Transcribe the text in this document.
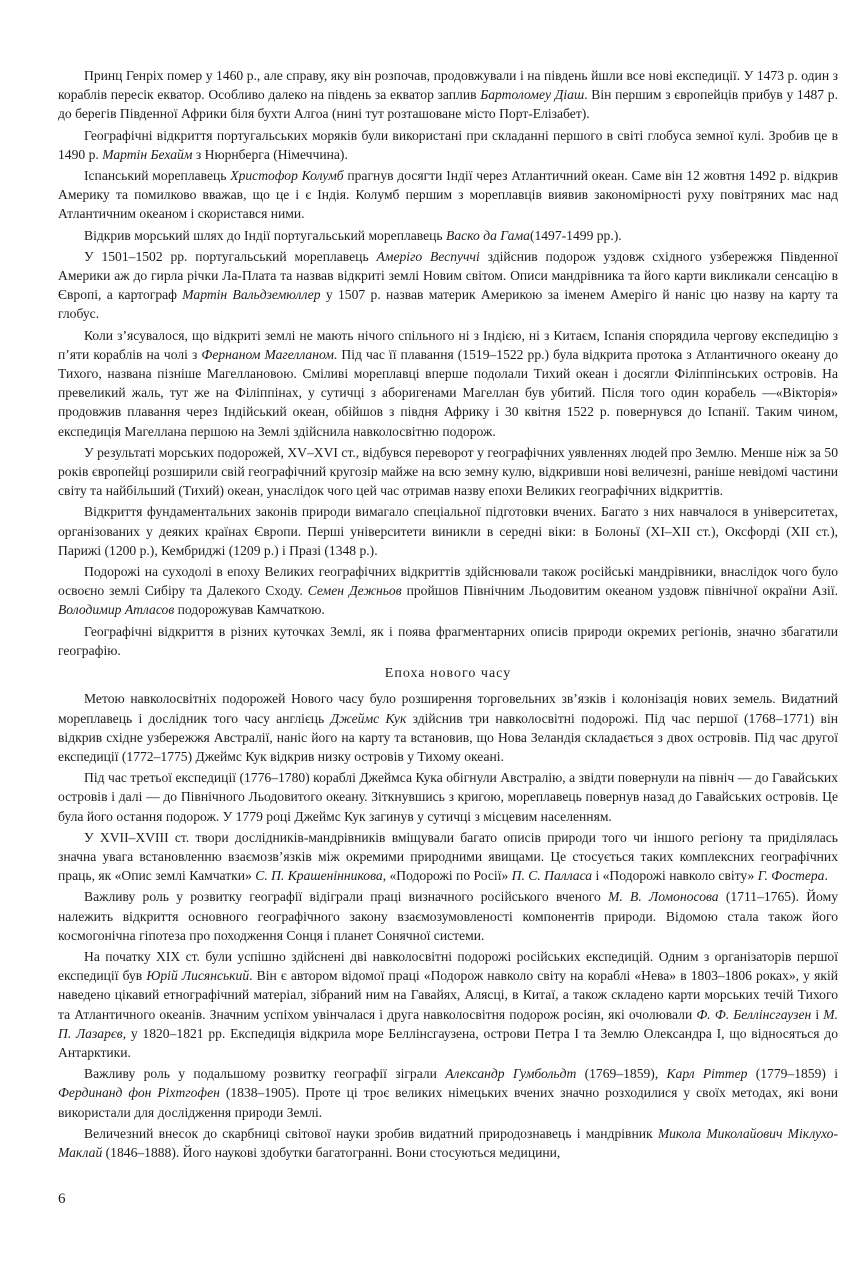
Принц Генріх помер у 1460 р., але справу, яку він розпочав, продовжували і на південь йшли все нові експедиції. У 1473 р. один з кораблів пересік екватор. Особливо далеко на південь за екватор заплив Бартоломеу Діаш. Він першим з європейців прибув у 1487 р. до берегів Південної Африки біля бухти Алгоа (нині тут розташоване місто Порт-Елізабет).

Географічні відкриття португальських моряків були використані при складанні першого в світі глобуса земної кулі. Зробив це в 1490 р. Мартін Бехайм з Нюрнберга (Німеччина).

Іспанський мореплавець Христофор Колумб прагнув досягти Індії через Атлантичний океан. Саме він 12 жовтня 1492 р. відкрив Америку та помилково вважав, що це і є Індія. Колумб першим з мореплавців виявив закономірності руху повітряних мас над Атлантичним океаном і скористався ними.

Відкрив морський шлях до Індії португальський мореплавець Васко да Гама(1497-1499 рр.).

У 1501–1502 рр. португальський мореплавець Амеріго Веспуччі здійснив подорож уздовж східного узбережжя Південної Америки аж до гирла річки Ла-Плата та назвав відкриті землі Новим світом. Описи мандрівника та його карти викликали сенсацію в Європі, а картограф Мартін Вальдземюллер у 1507 р. назвав материк Америкою за іменем Амеріго й наніс цю назву на карту та глобус.

Коли з’ясувалося, що відкриті землі не мають нічого спільного ні з Індією, ні з Китаєм, Іспанія спорядила чергову експедицію з п’яти кораблів на чолі з Фернаном Магелланом. Під час її плавання (1519–1522 рр.) була відкрита протока з Атлантичного океану до Тихого, названа пізніше Магеллановою. Сміливі мореплавці вперше подолали Тихий океан і досягли Філіппінських островів. На превеликий жаль, тут же на Філіппінах, у сутичці з аборигенами Магеллан був убитий. Після того один корабель —«Вікторія» продовжив плавання через Індійський океан, обійшов з півдня Африку і 30 квітня 1522 р. повернувся до Іспанії. Таким чином, експедиція Магеллана першою на Землі здійснила навколосвітню подорож.

У результаті морських подорожей, XV–XVI ст., відбувся переворот у географічних уявленнях людей про Землю. Менше ніж за 50 років європейці розширили свій географічний кругозір майже на всю земну кулю, відкривши нові величезні, раніше невідомі частини світу та найбільший (Тихий) океан, унаслідок чого цей час отримав назву епохи Великих географічних відкриттів.

Відкриття фундаментальних законів природи вимагало спеціальної підготовки вчених. Багато з них навчалося в університетах, організованих у деяких країнах Європи. Перші університети виникли в середні віки: в Болоньї (XI–XII ст.), Оксфорді (XII ст.), Парижі (1200 р.), Кембриджі (1209 р.) і Празі (1348 р.).

Подорожі на суходолі в епоху Великих географічних відкриттів здійснювали також російські мандрівники, внаслідок чого було освоєно землі Сибіру та Далекого Сходу. Семен Дежньов пройшов Північним Льодовитим океаном уздовж північної окраїни Азії. Володимир Атласов подорожував Камчаткою.

Географічні відкриття в різних куточках Землі, як і поява фрагментарних описів природи окремих регіонів, значно збагатили географію.

Епоха нового часу

Метою навколосвітніх подорожей Нового часу було розширення торговельних зв’язків і колонізація нових земель. Видатний мореплавець і дослідник того часу англієць Джеймс Кук здійснив три навколосвітні подорожі. Під час першої (1768–1771) він відкрив східне узбережжя Австралії, наніс його на карту та встановив, що Нова Зеландія складається з двох островів. Під час другої експедиції (1772–1775) Джеймс Кук відкрив низку островів у Тихому океані.

Під час третьої експедиції (1776–1780) кораблі Джеймса Кука обігнули Австралію, а звідти повернули на північ — до Гавайських островів і далі — до Північного Льодовитого океану. Зіткнувшись з кригою, мореплавець повернув назад до Гавайських островів. Це була його остання подорож. У 1779 році Джеймс Кук загинув у сутичці з місцевим населенням.

У XVII–XVIII ст. твори дослідників-мандрівників вміщували багато описів природи того чи іншого регіону та приділялась значна увага встановленню взаємозв’язків між окремими природними явищами. Це стосується таких комплексних географічних праць, як «Опис землі Камчатки» С. П. Крашенінникова, «Подорожі по Росії» П. С. Палласа і «Подорожі навколо світу» Г. Фостера.

Важливу роль у розвитку географії відіграли праці визначного російського вченого М. В. Ломоносова (1711–1765). Йому належить відкриття основного географічного закону взаємозумовленості компонентів природи. Відомою стала також його космогонічна гіпотеза про походження Сонця і планет Сонячної системи.

На початку XIX ст. були успішно здійснені дві навколосвітні подорожі російських експедицій. Одним з організаторів першої експедиції був Юрій Лисянський. Він є автором відомої праці «Подорож навколо світу на кораблі «Нева» в 1803–1806 роках», у якій наведено цікавий етнографічний матеріал, зібраний ним на Гавайях, Алясці, в Китаї, а також складено карти морських течій Тихого та Атлантичного океанів. Значним успіхом увінчалася і друга навколосвітня подорож росіян, які очолювали Ф. Ф. Беллінсгаузен і М. П. Лазарєв, у 1820–1821 рр. Експедиція відкрила море Беллінсгаузена, острови Петра I та Землю Олександра I, що відносяться до Антарктики.

Важливу роль у подальшому розвитку географії зіграли Александр Гумбольдт (1769–1859), Карл Ріттер (1779–1859) і Фердинанд фон Ріхтгофен (1838–1905). Проте ці троє великих німецьких вчених значно розходилися у своїх методах, які вони використали для дослідження природи Землі.

Величезний внесок до скарбниці світової науки зробив видатний природознавець і мандрівник Микола Миколайович Міклухо-Маклай (1846–1888). Його наукові здобутки багатогранні. Вони стосуються медицини,

6
